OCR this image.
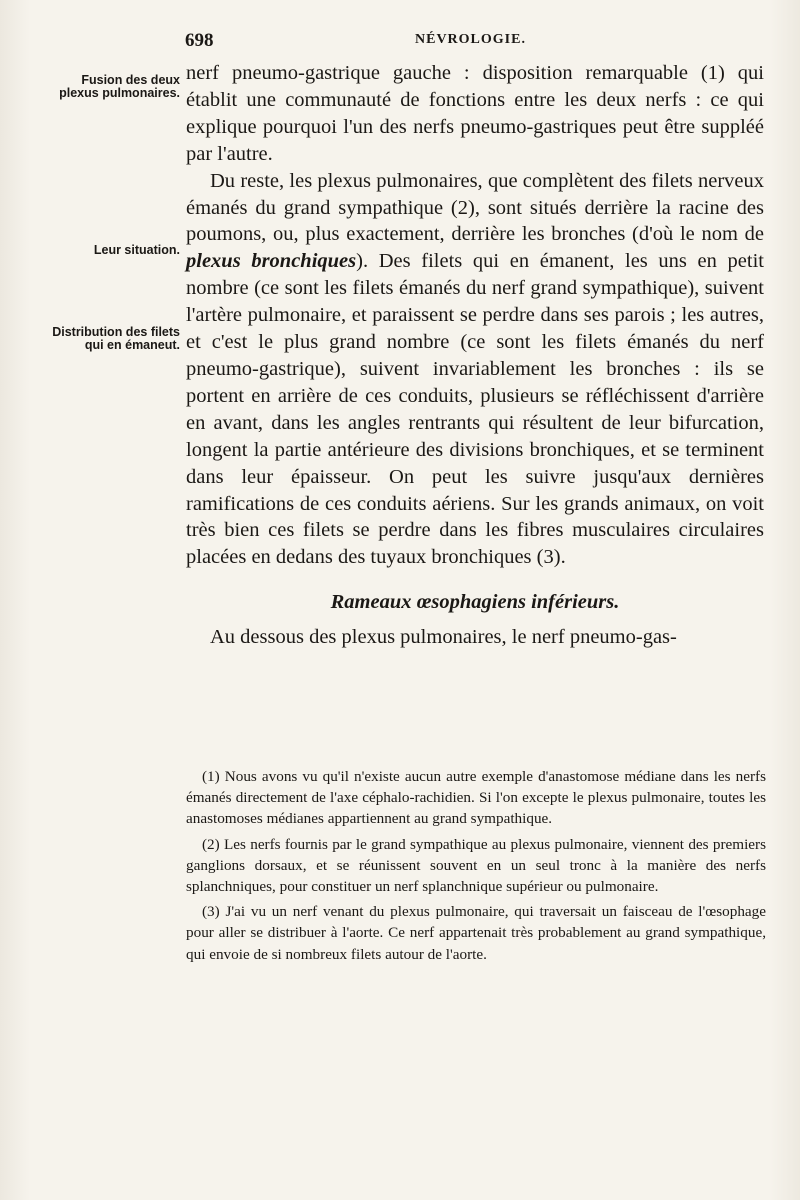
698	NÉVROLOGIE.
Fusion des deux plexus pulmonaires.
Leur situation.
Distribution des filets qui en émaneut.

nerf pneumo-gastrique gauche : disposition remarquable (1) qui établit une communauté de fonctions entre les deux nerfs : ce qui explique pourquoi l'un des nerfs pneumo-gastriques peut être suppléé par l'autre.

Du reste, les plexus pulmonaires, que complètent des filets nerveux émanés du grand sympathique (2), sont situés derrière la racine des poumons, ou, plus exactement, derrière les bronches (d'où le nom de plexus bronchiques). Des filets qui en émanent, les uns en petit nombre (ce sont les filets émanés du nerf grand sympathique), suivent l'artère pulmonaire, et paraissent se perdre dans ses parois ; les autres, et c'est le plus grand nombre (ce sont les filets émanés du nerf pneumo-gastrique), suivent invariablement les bronches : ils se portent en arrière de ces conduits, plusieurs se réfléchissent d'arrière en avant, dans les angles rentrants qui résultent de leur bifurcation, longent la partie antérieure des divisions bronchiques, et se terminent dans leur épaisseur. On peut les suivre jusqu'aux dernières ramifications de ces conduits aériens. Sur les grands animaux, on voit très bien ces filets se perdre dans les fibres musculaires circulaires placées en dedans des tuyaux bronchiques (3).

Rameaux œsophagiens inférieurs.

Au dessous des plexus pulmonaires, le nerf pneumo-gas-

(1) Nous avons vu qu'il n'existe aucun autre exemple d'anastomose médiane dans les nerfs émanés directement de l'axe céphalo-rachidien. Si l'on excepte le plexus pulmonaire, toutes les anastomoses médianes appartiennent au grand sympathique.

(2) Les nerfs fournis par le grand sympathique au plexus pulmonaire, viennent des premiers ganglions dorsaux, et se réunissent souvent en un seul tronc à la manière des nerfs splanchniques, pour constituer un nerf splanchnique supérieur ou pulmonaire.

(3) J'ai vu un nerf venant du plexus pulmonaire, qui traversait un faisceau de l'œsophage pour aller se distribuer à l'aorte. Ce nerf appartenait très probablement au grand sympathique, qui envoie de si nombreux filets autour de l'aorte.
